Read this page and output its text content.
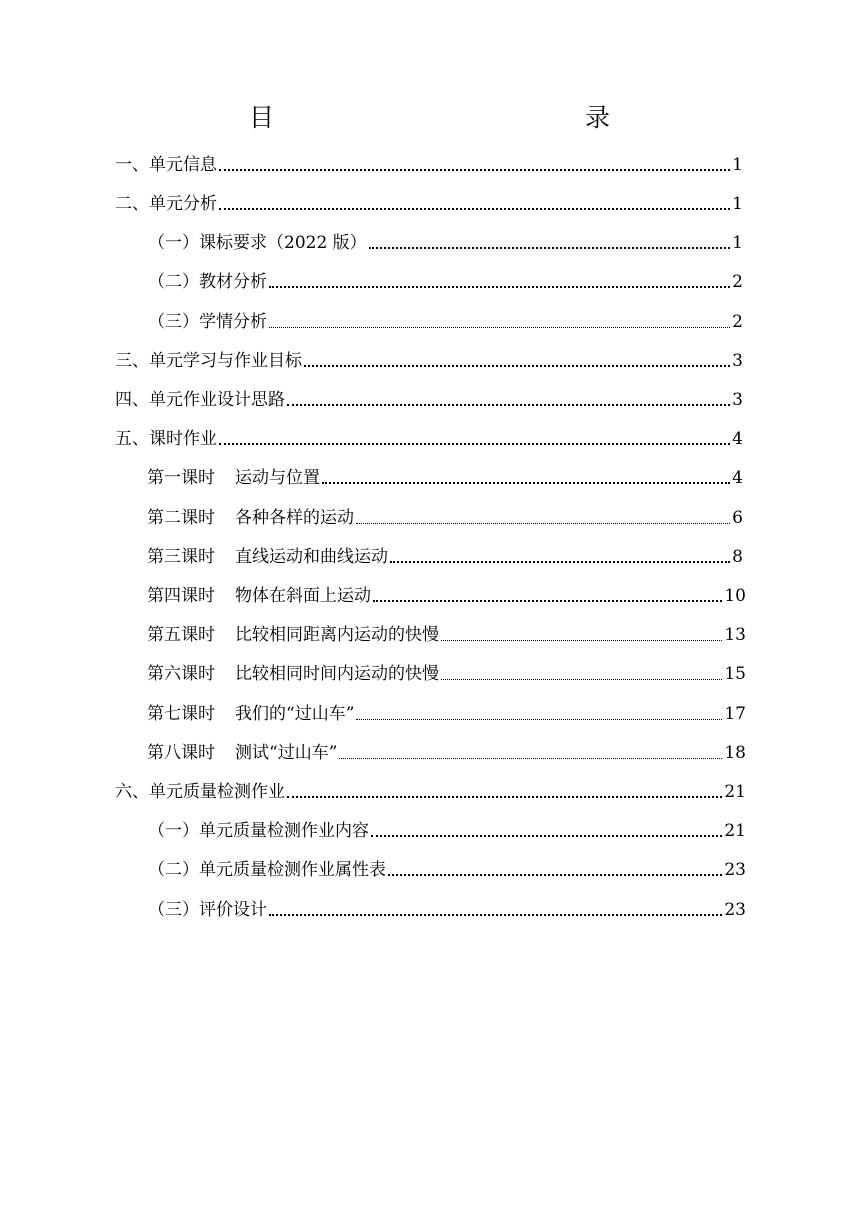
目	录
一、单元信息	1
二、单元分析	1
（一）课标要求（2022 版）	1
（二）教材分析	2
（三）学情分析	2
三、单元学习与作业目标	3
四、单元作业设计思路	3
五、课时作业	4
第一课时 运动与位置	4
第二课时 各种各样的运动	6
第三课时 直线运动和曲线运动	8
第四课时 物体在斜面上运动	10
第五课时 比较相同距离内运动的快慢	13
第六课时 比较相同时间内运动的快慢	15
第七课时 我们的“过山车”	17
第八课时 测试“过山车”	18
六、单元质量检测作业	21
（一）单元质量检测作业内容	21
（二）单元质量检测作业属性表	23
（三）评价设计	23
